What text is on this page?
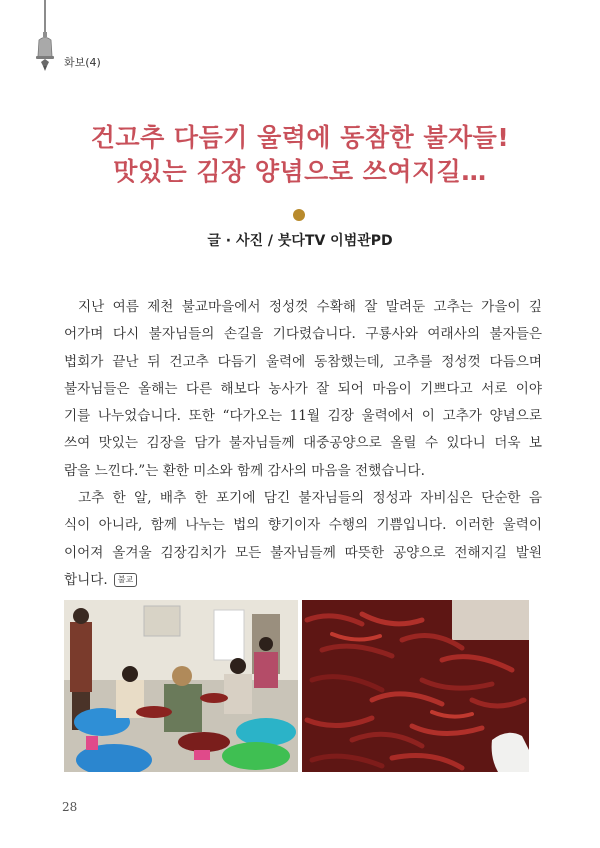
화보(4)
건고추 다듬기 울력에 동참한 불자들!
맛있는 김장 양념으로 쓰여지길…
글 · 사진 / 붓다TV 이범관PD
지난 여름 제천 불교마을에서 정성껏 수확해 잘 말려둔 고추는 가을이 깊
어가며 다시 불자님들의 손길을 기다렸습니다. 구룡사와 여래사의 불자들은
법회가 끝난 뒤 건고추 다듬기 울력에 동참했는데, 고추를 정성껏 다듬으며
불자님들은 올해는 다른 해보다 농사가 잘 되어 마음이 기쁘다고 서로 이야
기를 나누었습니다. 또한 “다가오는 11월 김장 울력에서 이 고추가 양념으로
쓰여 맛있는 김장을 담가 불자님들께 대중공양으로 올릴 수 있다니 더욱 보
람을 느낀다.”는 환한 미소와 함께 감사의 마음을 전했습니다.
고추 한 알, 배추 한 포기에 담긴 불자님들의 정성과 자비심은 단순한 음
식이 아니라, 함께 나누는 법의 향기이자 수행의 기쁨입니다. 이러한 울력이
이어져 올겨울 김장김치가 모든 불자님들께 따뜻한 공양으로 전해지길 발원
합니다. 불교
28
